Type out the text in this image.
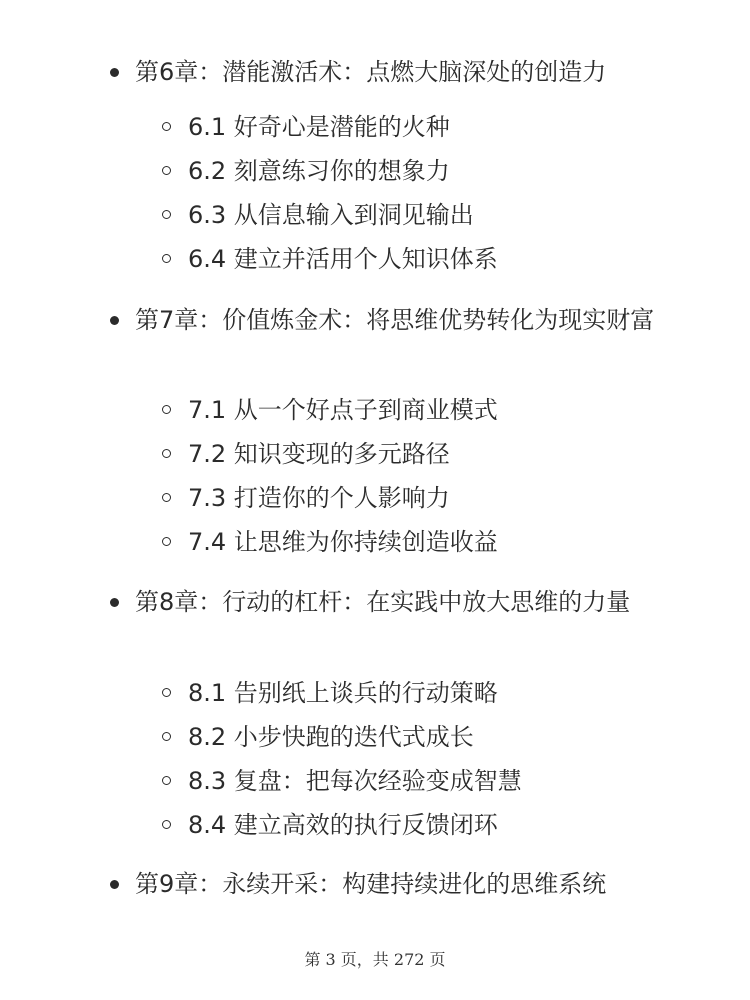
第6章：潜能激活术：点燃大脑深处的创造力
6.1 好奇心是潜能的火种
6.2 刻意练习你的想象力
6.3 从信息输入到洞见输出
6.4 建立并活用个人知识体系
第7章：价值炼金术：将思维优势转化为现实财富
7.1 从一个好点子到商业模式
7.2 知识变现的多元路径
7.3 打造你的个人影响力
7.4 让思维为你持续创造收益
第8章：行动的杠杆：在实践中放大思维的力量
8.1 告别纸上谈兵的行动策略
8.2 小步快跑的迭代式成长
8.3 复盘：把每次经验变成智慧
8.4 建立高效的执行反馈闭环
第9章：永续开采：构建持续进化的思维系统
第 3 页，共 272 页
